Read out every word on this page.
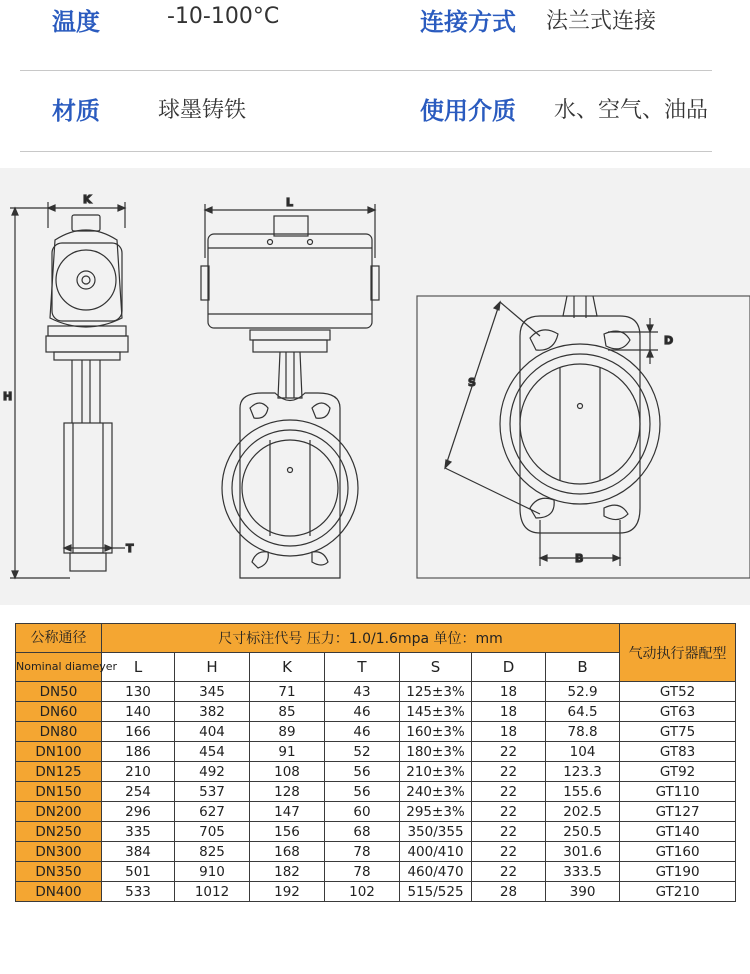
温度	-10-100°C	连接方式 法兰式连接
材质	球墨铸铁	使用介质 水、空气、油品
K
H
T
L
D
S
B
公称通径	尺寸标注代号 压力：1.0/1.6mpa 单位：mm							气动执行器配型

Nominal diameyer	L	H	K	T	S	D	B	
DN50	130	345	71	43	125±3%	18	52.9	GT52
DN60	140	382	85	46	145±3%	18	64.5	GT63
DN80	166	404	89	46	160±3%	18	78.8	GT75
DN100	186	454	91	52	180±3%	22	104	GT83
DN125	210	492	108	56	210±3%	22	123.3	GT92
DN150	254	537	128	56	240±3%	22	155.6	GT110
DN200	296	627	147	60	295±3%	22	202.5	GT127
DN250	335	705	156	68	350/355	22	250.5	GT140
DN300	384	825	168	78	400/410	22	301.6	GT160
DN350	501	910	182	78	460/470	22	333.5	GT190
DN400	533	1012	192	102	515/525	28	390	GT210
